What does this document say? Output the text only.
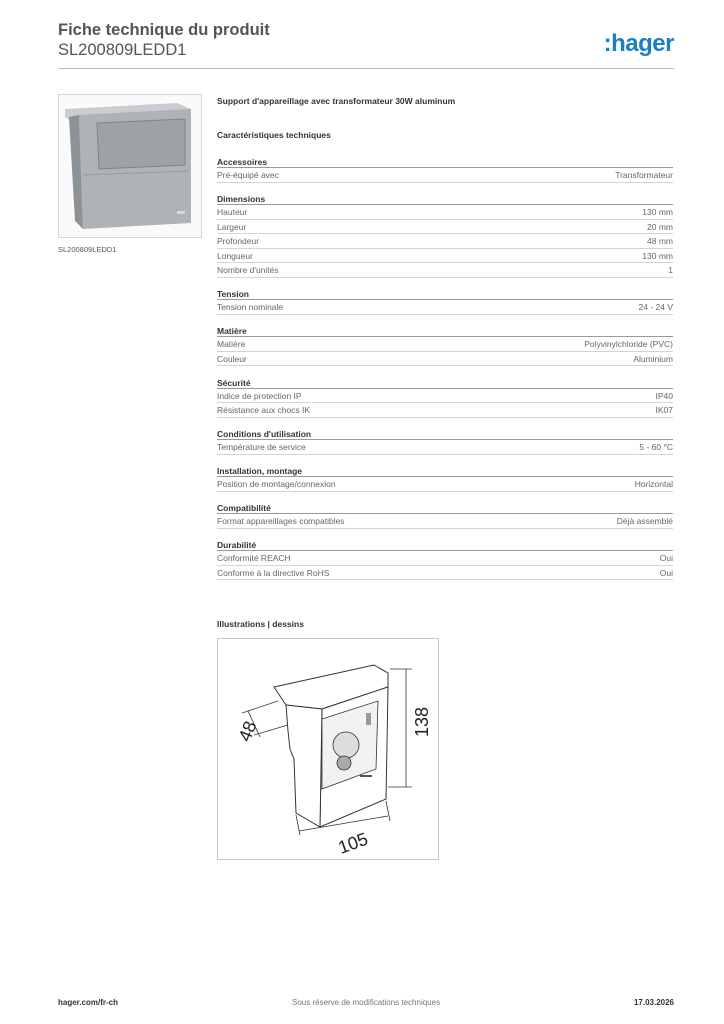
Fiche technique du produit
SL200809LEDD1	:hager
SL200809LEDD1
Support d'appareillage avec transformateur 30W aluminum
Caractéristiques techniques
Accessoires
Pré-équipé avec	Transformateur
Dimensions
Hauteur	130 mm
Largeur	20 mm
Profondeur	48 mm
Longueur	130 mm
Nombre d'unités	1
Tension
Tension nominale	24 - 24 V
Matière
Matière	Polyvinylchloride (PVC)
Couleur	Aluminium
Sécurité
Indice de protection IP	IP40
Résistance aux chocs IK	IK07
Conditions d'utilisation
Température de service	5 - 60 °C
Installation, montage
Position de montage/connexion	Horizontal
Compatibilité
Format appareillages compatibles	Déjà assemblé
Durabilité
Conformité REACH	Oui
Conforme à la directive RoHS	Oui
Illustrations | dessins
48	138
105
hager.com/fr-ch	Sous réserve de modifications techniques	17.03.2026
